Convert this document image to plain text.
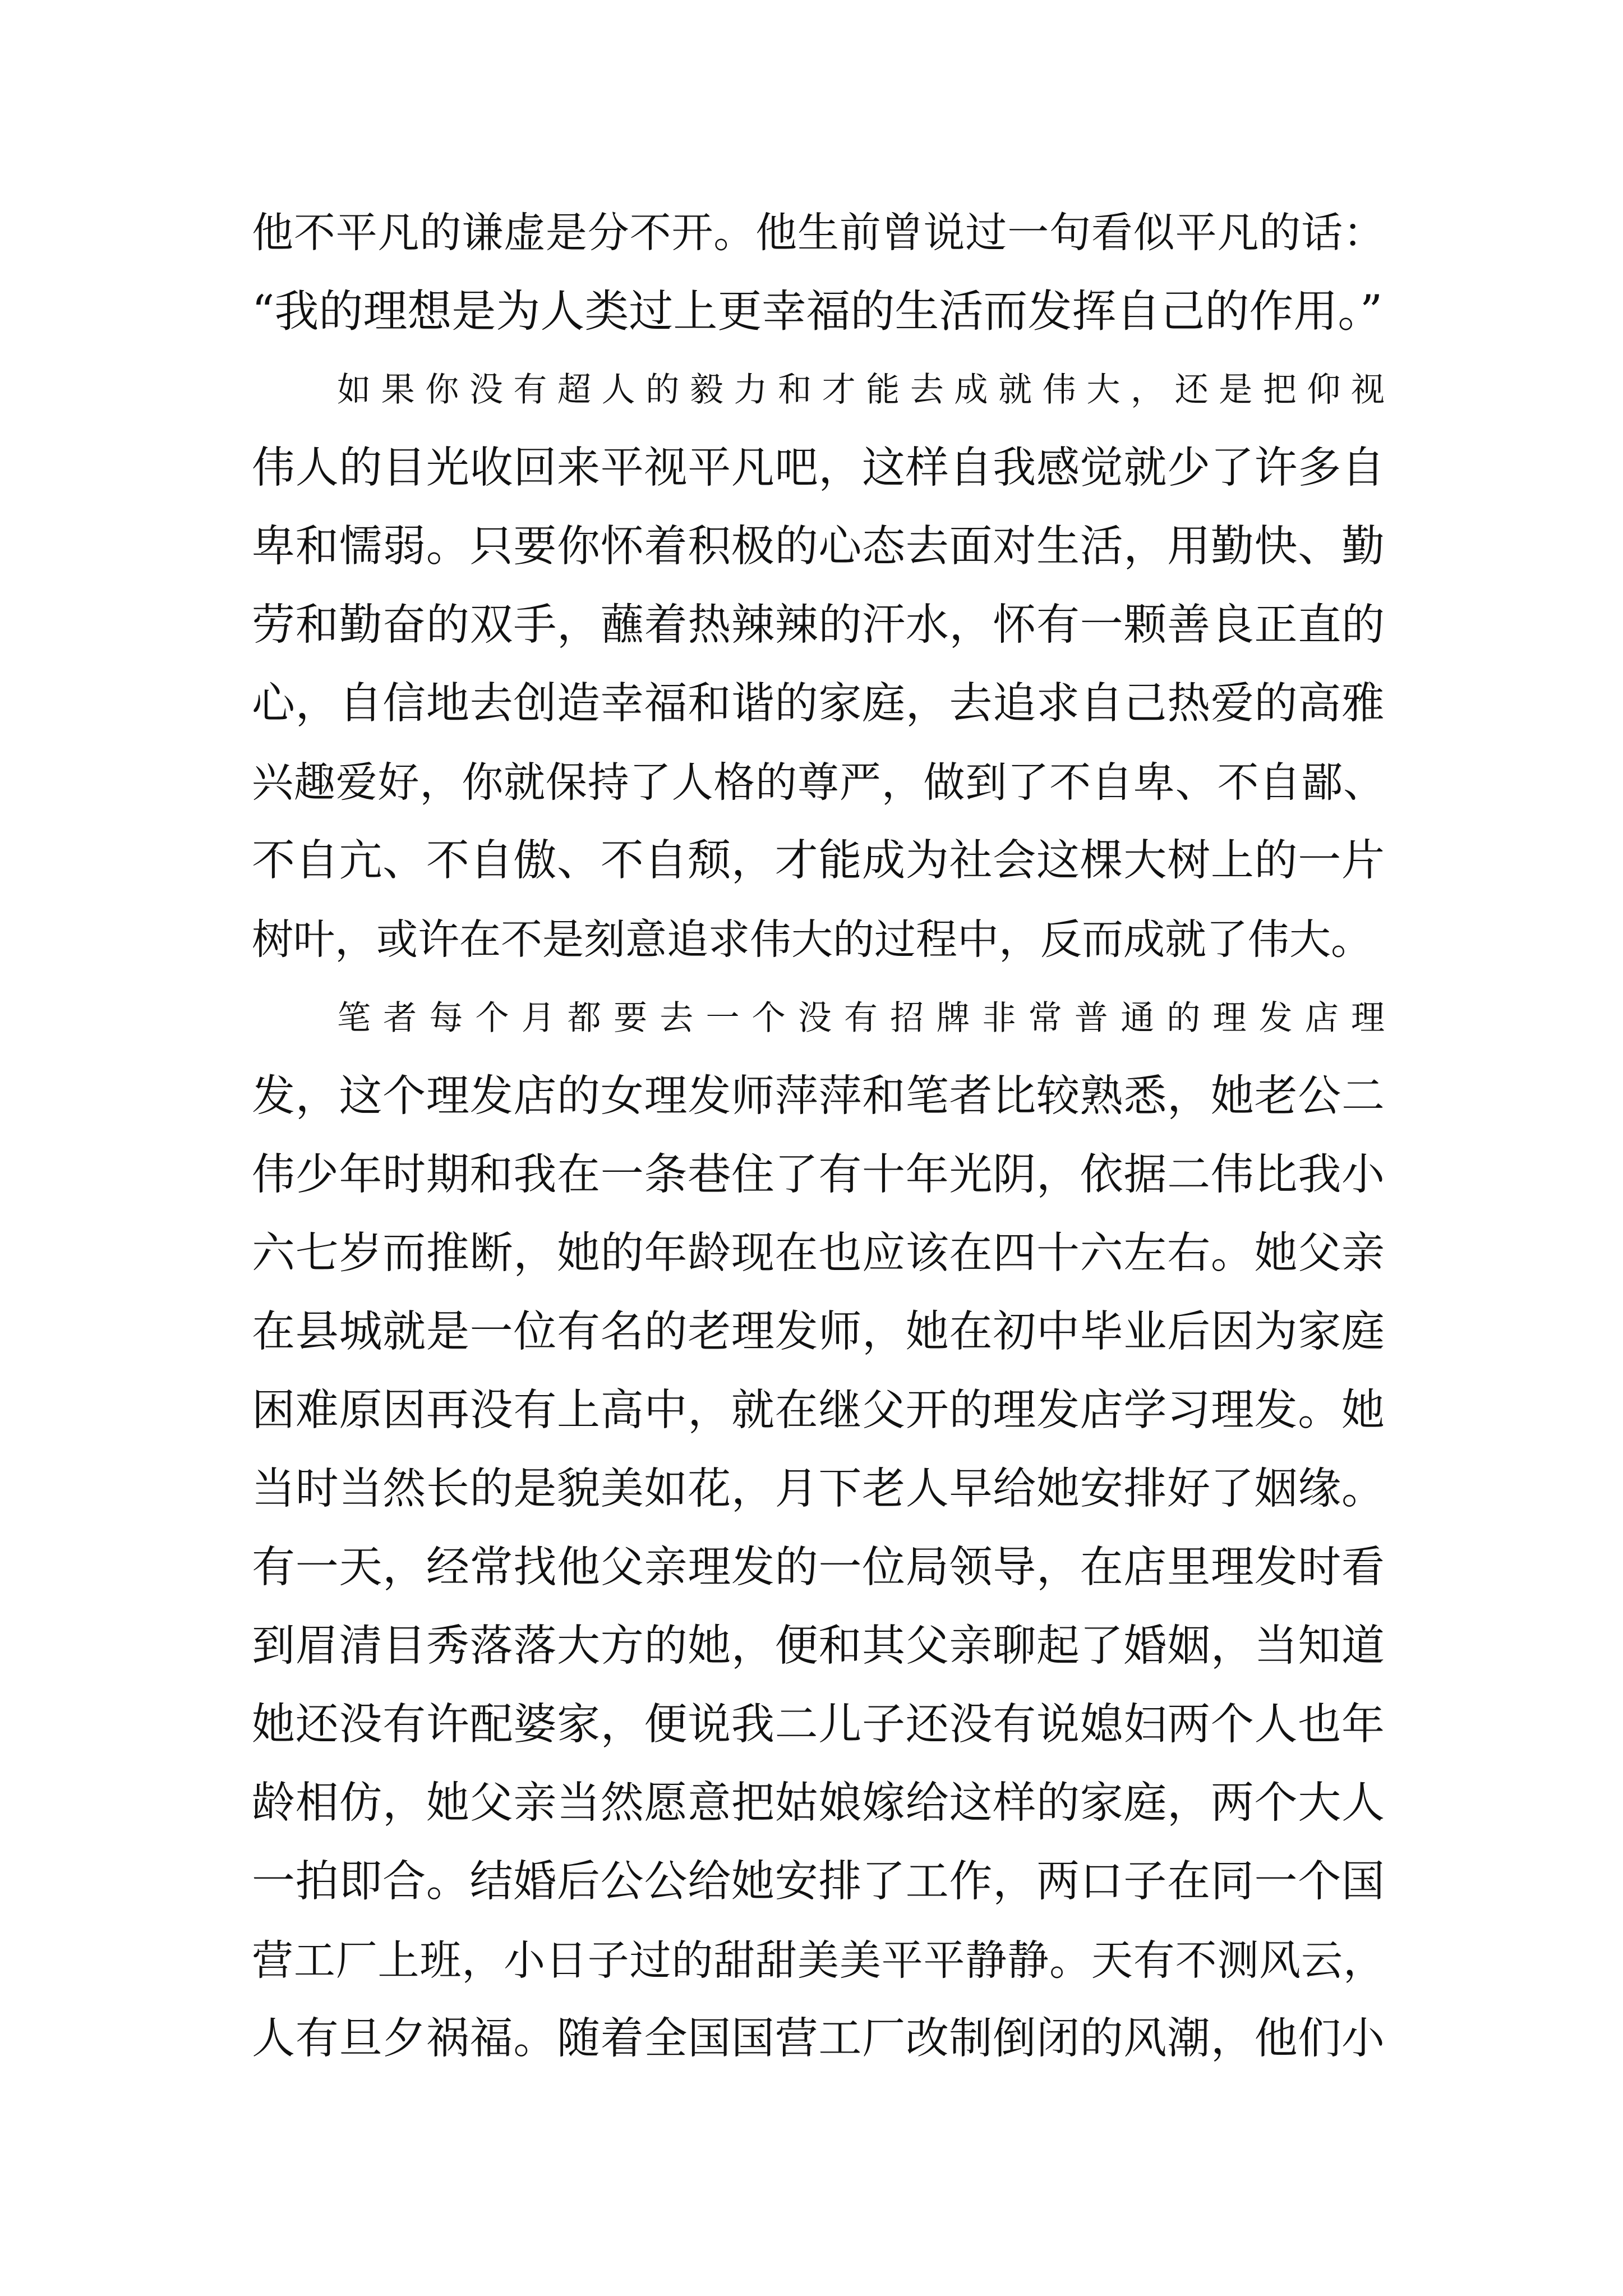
他不平凡的谦虚是分不开。他生前曾说过一句看似平凡的话：
“我的理想是为人类过上更幸福的生活而发挥自己的作用。”
如果你没有超人的毅力和才能去成就伟大，还是把仰视
伟人的目光收回来平视平凡吧，这样自我感觉就少了许多自
卑和懦弱。只要你怀着积极的心态去面对生活，用勤快、勤
劳和勤奋的双手，蘸着热辣辣的汗水，怀有一颗善良正直的
心，自信地去创造幸福和谐的家庭，去追求自己热爱的高雅
兴趣爱好，你就保持了人格的尊严，做到了不自卑、不自鄙、
不自亢、不自傲、不自颓，才能成为社会这棵大树上的一片
树叶，或许在不是刻意追求伟大的过程中，反而成就了伟大。
笔者每个月都要去一个没有招牌非常普通的理发店理
发，这个理发店的女理发师萍萍和笔者比较熟悉，她老公二
伟少年时期和我在一条巷住了有十年光阴，依据二伟比我小
六七岁而推断，她的年龄现在也应该在四十六左右。她父亲
在县城就是一位有名的老理发师，她在初中毕业后因为家庭
困难原因再没有上高中，就在继父开的理发店学习理发。她
当时当然长的是貌美如花，月下老人早给她安排好了姻缘。
有一天，经常找他父亲理发的一位局领导，在店里理发时看
到眉清目秀落落大方的她，便和其父亲聊起了婚姻，当知道
她还没有许配婆家，便说我二儿子还没有说媳妇两个人也年
龄相仿，她父亲当然愿意把姑娘嫁给这样的家庭，两个大人
一拍即合。结婚后公公给她安排了工作，两口子在同一个国
营工厂上班，小日子过的甜甜美美平平静静。天有不测风云，
人有旦夕祸福。随着全国国营工厂改制倒闭的风潮，他们小
